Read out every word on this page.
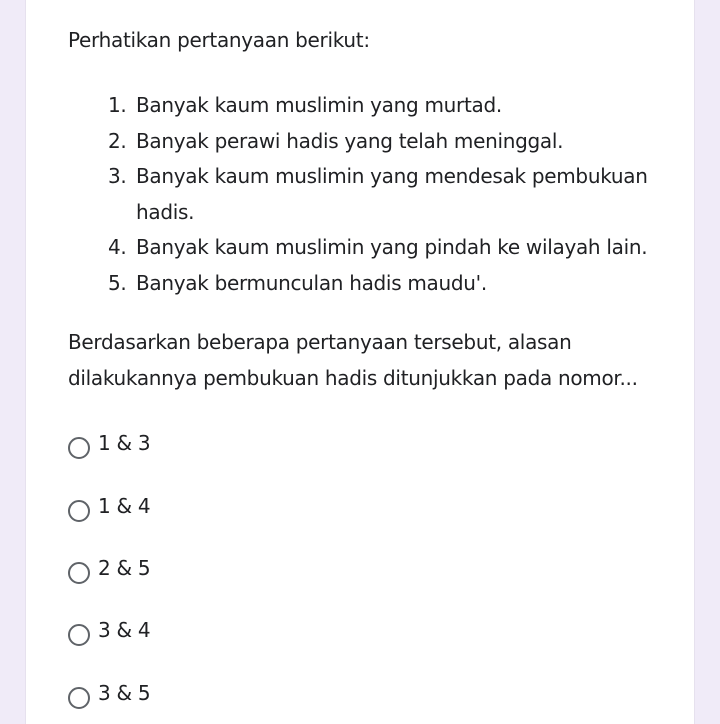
Perhatikan pertanyaan berikut:
1. Banyak kaum muslimin yang murtad.
2. Banyak perawi hadis yang telah meninggal.
3. Banyak kaum muslimin yang mendesak pembukuan hadis.
4. Banyak kaum muslimin yang pindah ke wilayah lain.
5. Banyak bermunculan hadis maudu'.
Berdasarkan beberapa pertanyaan tersebut, alasan dilakukannya pembukuan hadis ditunjukkan pada nomor...
1 & 3
1 & 4
2 & 5
3 & 4
3 & 5
